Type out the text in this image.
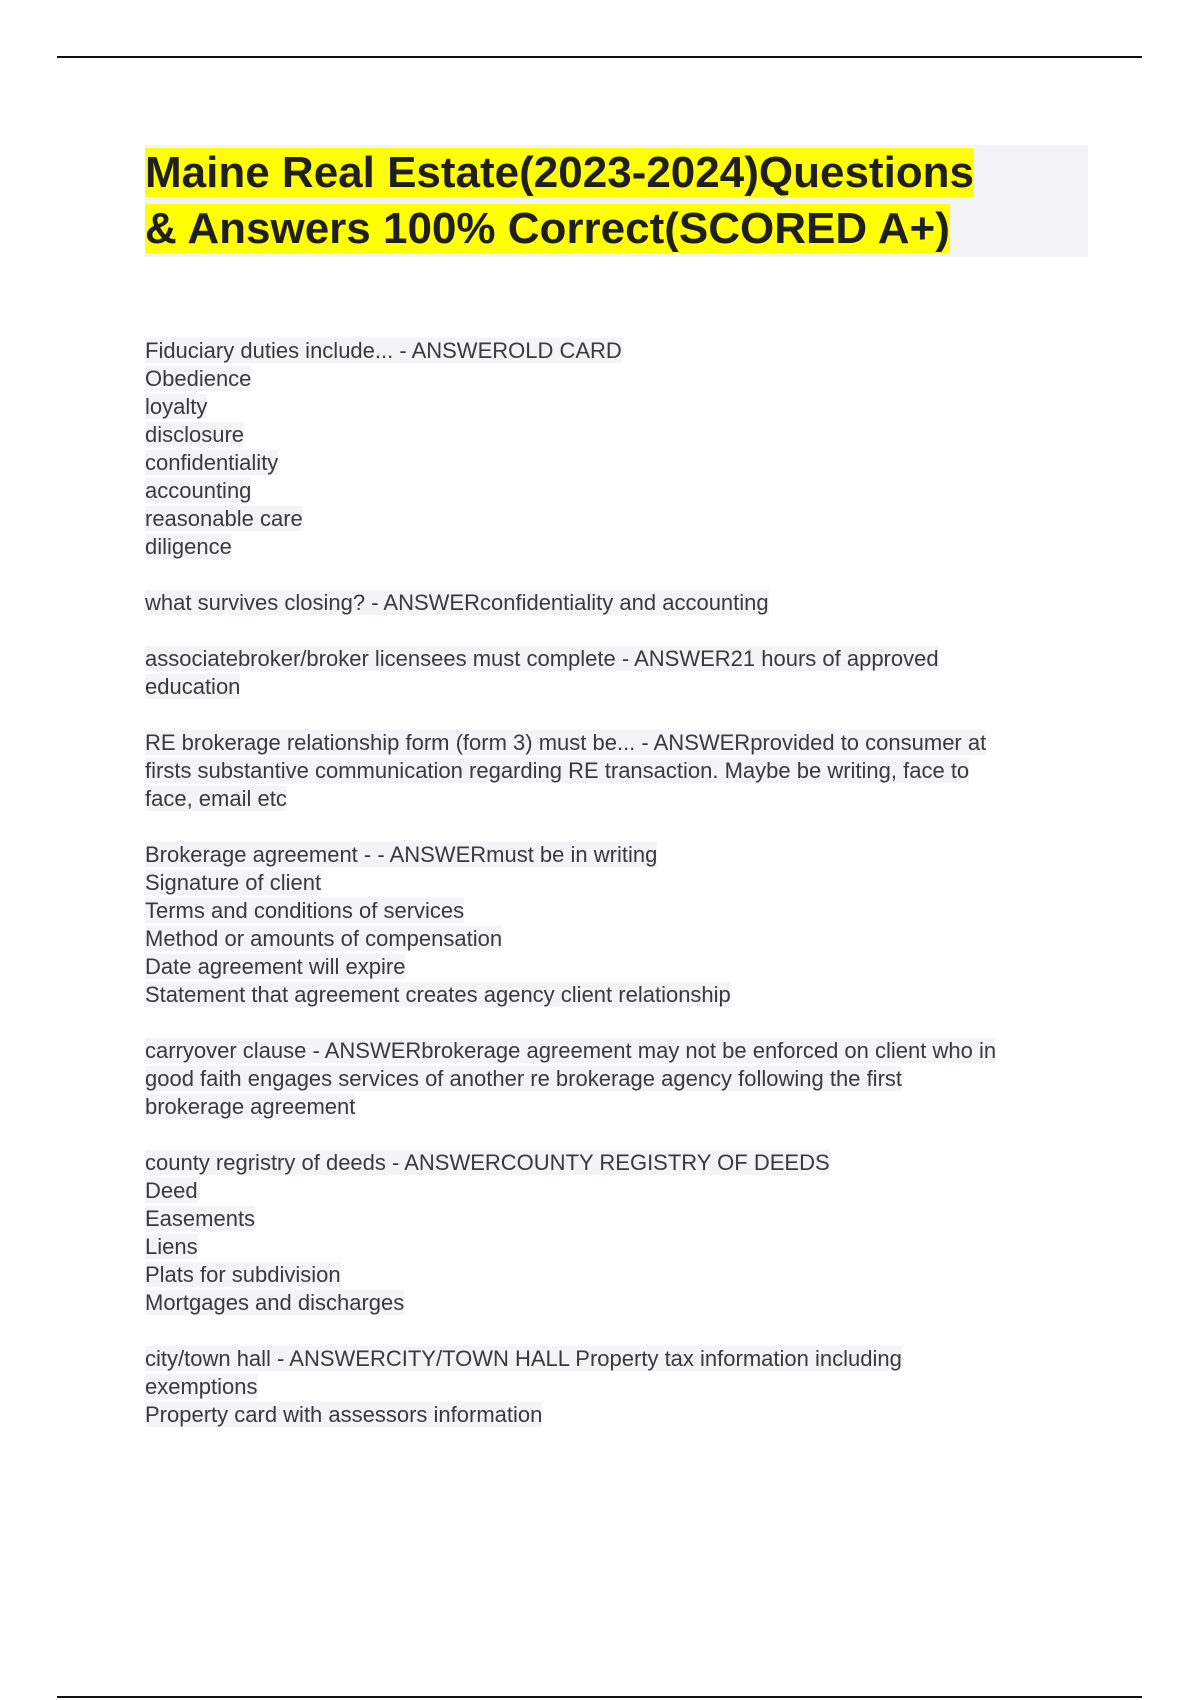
Maine Real Estate(2023-2024)Questions
& Answers 100% Correct(SCORED A+)
Fiduciary duties include... - ANSWEROLD CARD
Obedience
loyalty
disclosure
confidentiality
accounting
reasonable care
diligence
what survives closing? - ANSWERconfidentiality and accounting
associatebroker/broker licensees must complete - ANSWER21 hours of approved
education
RE brokerage relationship form (form 3) must be... - ANSWERprovided to consumer at
firsts substantive communication regarding RE transaction. Maybe be writing, face to
face, email etc
Brokerage agreement - - ANSWERmust be in writing
Signature of client
Terms and conditions of services
Method or amounts of compensation
Date agreement will expire
Statement that agreement creates agency client relationship
carryover clause - ANSWERbrokerage agreement may not be enforced on client who in
good faith engages services of another re brokerage agency following the first
brokerage agreement
county regristry of deeds - ANSWERCOUNTY REGISTRY OF DEEDS
Deed
Easements
Liens
Plats for subdivision
Mortgages and discharges
city/town hall - ANSWERCITY/TOWN HALL Property tax information including
exemptions
Property card with assessors information
